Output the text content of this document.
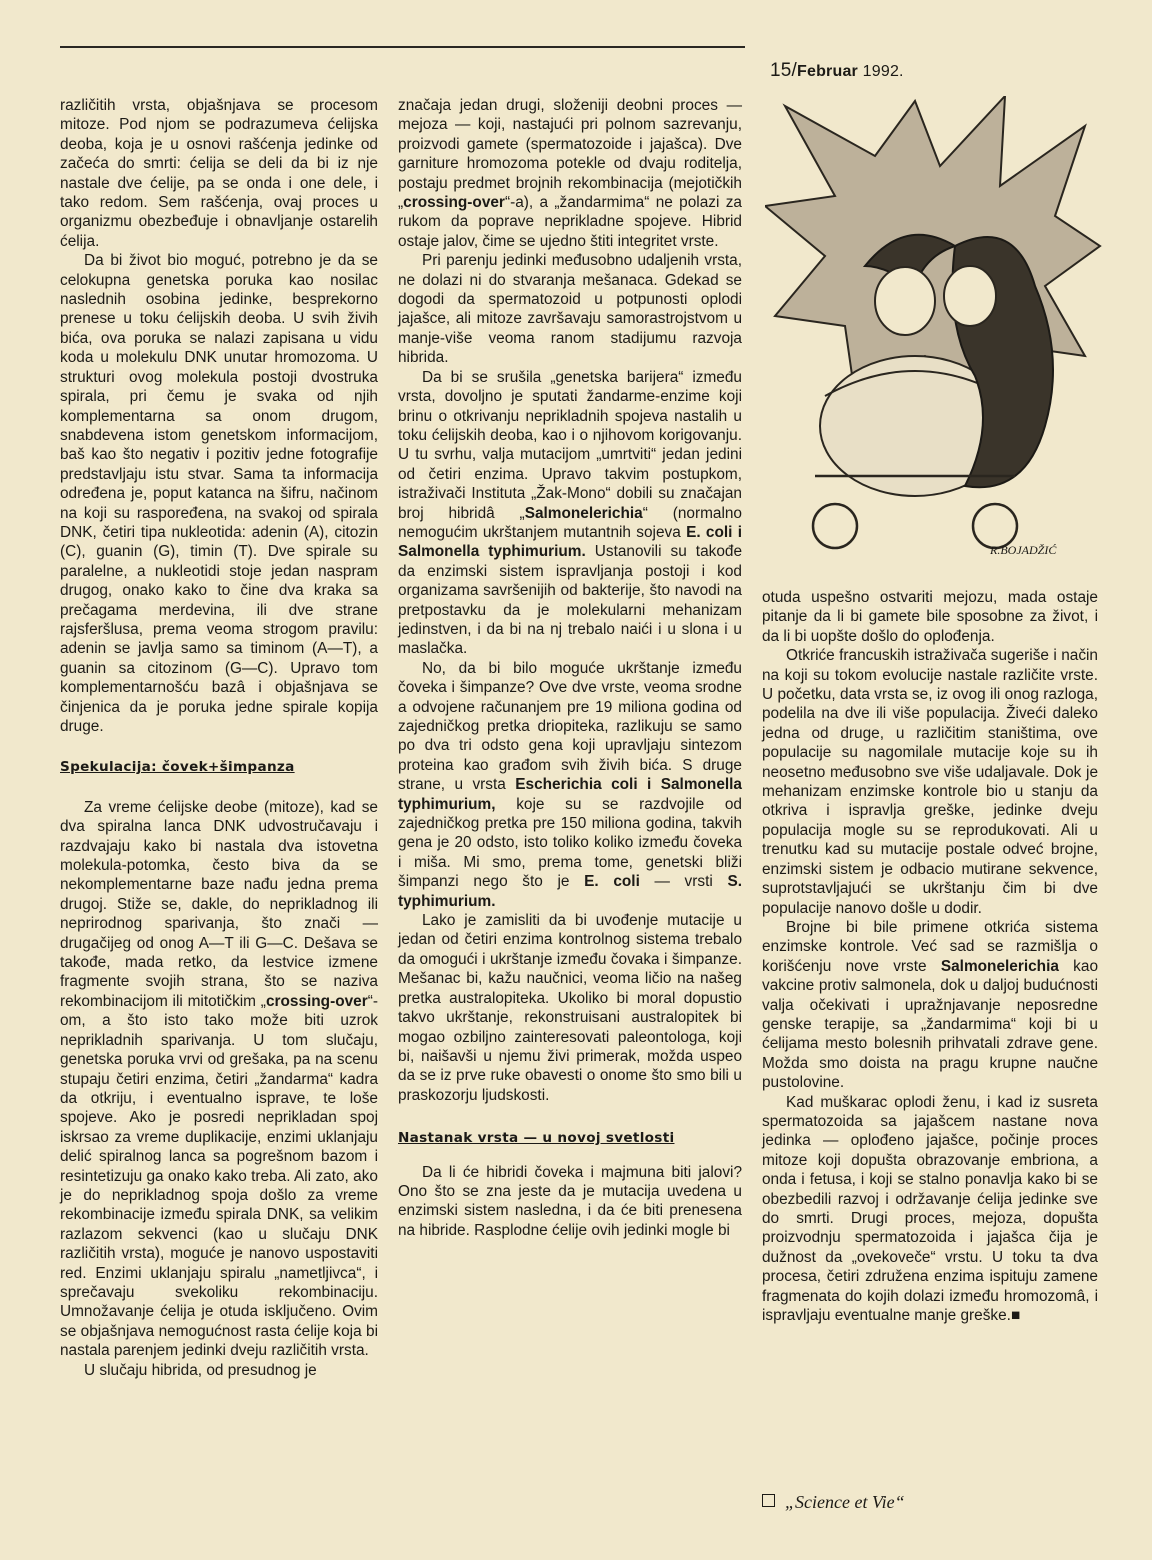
15/Februar 1992.

različitih vrsta, objašnjava se procesom mitoze. Pod njom se podrazumeva ćelijska deoba, koja je u osnovi rašćenja jedinke od začeća do smrti: ćelija se deli da bi iz nje nastale dve ćelije, pa se onda i one dele, i tako redom. Sem rašćenja, ovaj proces u organizmu obezbeđuje i obnavljanje ostarelih ćelija.

Da bi život bio moguć, potrebno je da se celokupna genetska poruka kao nosilac naslednih osobina jedinke, besprekorno prenese u toku ćelijskih deoba. U svih živih bića, ova poruka se nalazi zapisana u vidu koda u molekulu DNK unutar hromozoma. U strukturi ovog molekula postoji dvostruka spirala, pri čemu je svaka od njih komplementarna sa onom drugom, snabdevena istom genetskom informacijom, baš kao što negativ i pozitiv jedne fotografije predstavljaju istu stvar. Sama ta informacija određena je, poput katanca na šifru, načinom na koji su raspoređena, na svakoj od spirala DNK, četiri tipa nukleotida: adenin (A), citozin (C), guanin (G), timin (T). Dve spirale su paralelne, a nukleotidi stoje jedan naspram drugog, onako kako to čine dva kraka sa prečagama merdevina, ili dve strane rajsferšlusa, prema veoma strogom pravilu: adenin se javlja samo sa timinom (A—T), a guanin sa citozinom (G—C). Upravo tom komplementarnošću bazâ i objašnjava se činjenica da je poruka jedne spirale kopija druge.

Spekulacija: čovek+šimpanza

Za vreme ćelijske deobe (mitoze), kad se dva spiralna lanca DNK udvostručavaju i razdvajaju kako bi nastala dva istovetna molekula-potomka, često biva da se nekomplementarne baze nađu jedna prema drugoj. Stiže se, dakle, do neprikladnog ili neprirodnog sparivanja, što znači — drugačijeg od onog A—T ili G—C. Dešava se takođe, mada retko, da lestvice izmene fragmente svojih strana, što se naziva rekombinacijom ili mitotičkim „crossing-over“-om, a što isto tako može biti uzrok neprikladnih sparivanja. U tom slučaju, genetska poruka vrvi od grešaka, pa na scenu stupaju četiri enzima, četiri „žandarma“ kadra da otkriju, i eventualno isprave, te loše spojeve. Ako je posredi neprikladan spoj iskrsao za vreme duplikacije, enzimi uklanjaju delić spiralnog lanca sa pogrešnom bazom i resintetizuju ga onako kako treba. Ali zato, ako je do neprikladnog spoja došlo za vreme rekombinacije između spirala DNK, sa velikim razlazom sekvenci (kao u slučaju DNK različitih vrsta), moguće je nanovo uspostaviti red. Enzimi uklanjaju spiralu „nametljivca“, i sprečavaju svekoliku rekombinaciju. Umnožavanje ćelija je otuda isključeno. Ovim se objašnjava nemogućnost rasta ćelije koja bi nastala parenjem jedinki dveju različitih vrsta.

U slučaju hibrida, od presudnog je

značaja jedan drugi, složeniji deobni proces — mejoza — koji, nastajući pri polnom sazrevanju, proizvodi gamete (spermatozoide i jajašca). Dve garniture hromozoma potekle od dvaju roditelja, postaju predmet brojnih rekombinacija (mejotičkih „crossing-over“-a), a „žandarmima“ ne polazi za rukom da poprave neprikladne spojeve. Hibrid ostaje jalov, čime se ujedno štiti integritet vrste.

Pri parenju jedinki međusobno udaljenih vrsta, ne dolazi ni do stvaranja mešanaca. Gdekad se dogodi da spermatozoid u potpunosti oplodi jajašce, ali mitoze završavaju samorastrojstvom u manje-više veoma ranom stadijumu razvoja hibrida.

Da bi se srušila „genetska barijera“ između vrsta, dovoljno je sputati žandarme-enzime koji brinu o otkrivanju neprikladnih spojeva nastalih u toku ćelijskih deoba, kao i o njihovom korigovanju. U tu svrhu, valja mutacijom „umrtviti“ jedan jedini od četiri enzima. Upravo takvim postupkom, istraživači Instituta „Žak-Mono“ dobili su značajan broj hibridâ „Salmonelerichia“ (normalno nemogućim ukrštanjem mutantnih sojeva E. coli i Salmonella typhimurium. Ustanovili su takođe da enzimski sistem ispravljanja postoji i kod organizama savršenijih od bakterije, što navodi na pretpostavku da je molekularni mehanizam jedinstven, i da bi na nj trebalo naići i u slona i u maslačka.

No, da bi bilo moguće ukrštanje između čoveka i šimpanze? Ove dve vrste, veoma srodne a odvojene računanjem pre 19 miliona godina od zajedničkog pretka driopiteka, razlikuju se samo po dva tri odsto gena koji upravljaju sintezom proteina kao građom svih živih bića. S druge strane, u vrsta Escherichia coli i Salmonella typhimurium, koje su se razdvojile od zajedničkog pretka pre 150 miliona godina, takvih gena je 20 odsto, isto toliko koliko između čoveka i miša. Mi smo, prema tome, genetski bliži šimpanzi nego što je E. coli — vrsti S. typhimurium.

Lako je zamisliti da bi uvođenje mutacije u jedan od četiri enzima kontrolnog sistema trebalo da omogući i ukrštanje između čovaka i šimpanze. Mešanac bi, kažu naučnici, veoma ličio na našeg pretka australopiteka. Ukoliko bi moral dopustio takvo ukrštanje, rekonstruisani australopitek bi mogao ozbiljno zainteresovati paleontologa, koji bi, naišavši u njemu živi primerak, možda uspeo da se iz prve ruke obavesti o onome što smo bili u praskozorju ljudskosti.

Nastanak vrsta — u novoj svetlosti

Da li će hibridi čoveka i majmuna biti jalovi? Ono što se zna jeste da je mutacija uvedena u enzimski sistem nasledna, i da će biti prenesena na hibride. Rasplodne ćelije ovih jedinki mogle bi

R.BOJADŽIĆ

otuda uspešno ostvariti mejozu, mada ostaje pitanje da li bi gamete bile sposobne za život, i da li bi uopšte došlo do oplođenja.

Otkriće francuskih istraživača sugeriše i način na koji su tokom evolucije nastale različite vrste. U početku, data vrsta se, iz ovog ili onog razloga, podelila na dve ili više populacija. Živeći daleko jedna od druge, u različitim staništima, ove populacije su nagomilale mutacije koje su ih neosetno međusobno sve više udaljavale. Dok je mehanizam enzimske kontrole bio u stanju da otkriva i ispravlja greške, jedinke dveju populacija mogle su se reprodukovati. Ali u trenutku kad su mutacije postale odveć brojne, enzimski sistem je odbacio mutirane sekvence, suprotstavljajući se ukrštanju čim bi dve populacije nanovo došle u dodir.

Brojne bi bile primene otkrića sistema enzimske kontrole. Već sad se razmišlja o korišćenju nove vrste Salmonelerichia kao vakcine protiv salmonela, dok u daljoj budućnosti valja očekivati i upražnjavanje neposredne genske terapije, sa „žandarmima“ koji bi u ćelijama mesto bolesnih prihvatali zdrave gene. Možda smo doista na pragu krupne naučne pustolovine.

Kad muškarac oplodi ženu, i kad iz susreta spermatozoida sa jajašcem nastane nova jedinka — oplođeno jajašce, počinje proces mitoze koji dopušta obrazovanje embriona, a onda i fetusa, i koji se stalno ponavlja kako bi se obezbedili razvoj i održavanje ćelija jedinke sve do smrti. Drugi proces, mejoza, dopušta proizvodnju spermatozoida i jajašca čija je dužnost da „ovekoveče“ vrstu. U toku ta dva procesa, četiri združena enzima ispituju zamene fragmenata do kojih dolazi između hromozomâ, i ispravljaju eventualne manje greške.■

„Science et Vie“
